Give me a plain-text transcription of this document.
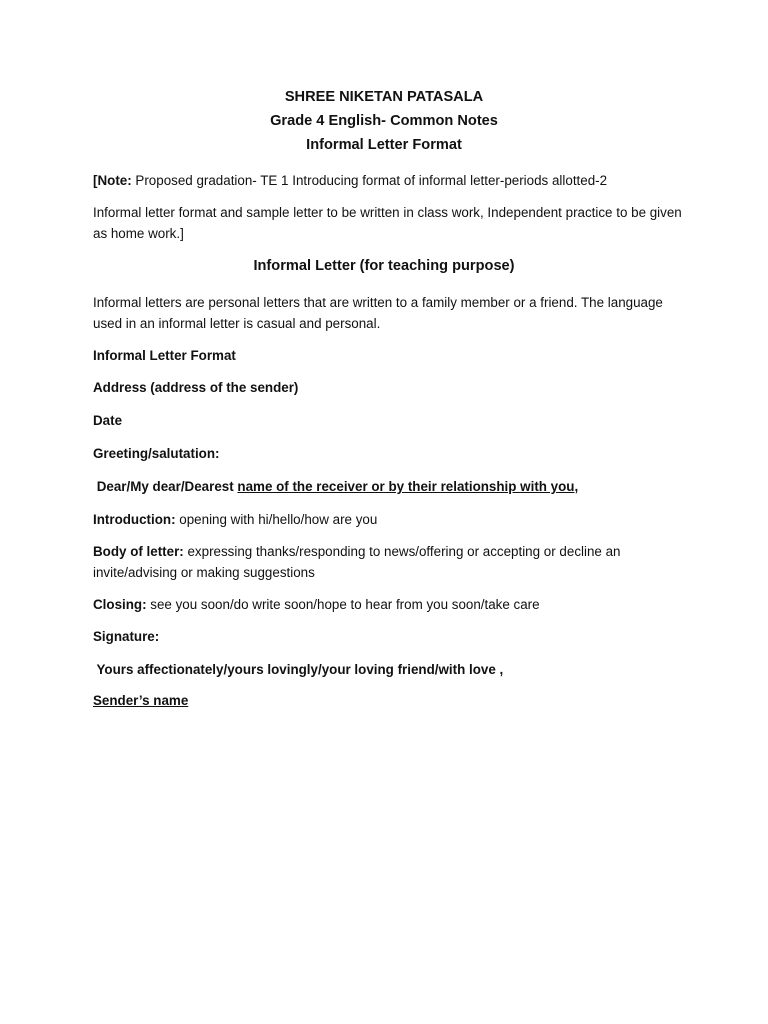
SHREE NIKETAN PATASALA
Grade 4 English- Common Notes
Informal Letter Format
[Note: Proposed gradation- TE 1 Introducing format of informal letter-periods allotted-2
Informal letter format and sample letter to be written in class work, Independent practice to be given as home work.]
Informal Letter (for teaching purpose)
Informal letters are personal letters that are written to a family member or a friend. The language used in an informal letter is casual and personal.
Informal Letter Format
Address (address of the sender)
Date
Greeting/salutation:
Dear/My dear/Dearest name of the receiver or by their relationship with you,
Introduction: opening with hi/hello/how are you
Body of letter: expressing thanks/responding to news/offering or accepting or decline an invite/advising or making suggestions
Closing: see you soon/do write soon/hope to hear from you soon/take care
Signature:
Yours affectionately/yours lovingly/your loving friend/with love ,
Sender’s name
